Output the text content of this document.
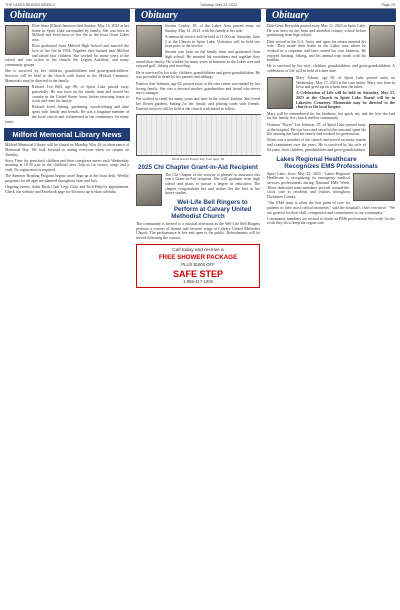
THE LAKES REGION WEEKLY	Tuesday, May 23, 2023	Page 23
Obituary

Elsie Anne (Elliot) Jameson died Sunday, May 14, 2023 at her home in Spirit Lake surrounded by family. She was born in Milford and lived most of her life in the Iowa Great Lakes area.

Elsie graduated from Milford High School and married the love of her life in 1954. Together they farmed near Milford and raised four children. She worked for many years at the school and was active in her church, the Legion Auxiliary, and many community groups.

She is survived by her children, grandchildren and great-grandchildren. Services will be held at the church with burial in the Milford Cemetery. Memorials may be directed to the family.

Richard Lee Bell, age 88, of Spirit Lake passed away peacefully. He was born on the family farm and served his country in the United States Army before returning home to work and raise his family.

Richard loved fishing, gardening, woodworking and time spent with family and friends. He was a longtime member of the local church and volunteered in the community for many years.

Milford Memorial Library News

Milford Memorial Library will be closed on Monday, May 29, in observance of Memorial Day. We look forward to seeing everyone when we reopen on Tuesday.

Story Time for preschool children and their caregivers meets each Wednesday morning at 10:30 a.m. in the children's area. Join us for stories, songs and a craft. No registration is required.

The Summer Reading Program begins soon! Sign up at the front desk. Weekly programs for all ages are planned throughout June and July.

Ongoing events: Adult Book Club, Lego Club, and Tech Help by appointment. Check our website and Facebook page for the most up-to-date calendar.

Obituary

Jerome Conley, 85, of the Lakes Area passed away on Sunday, May 14, 2023, with his family at his side.

A memorial service will be held at 11:00 a.m. Saturday, June 3 at the Church in Spirit Lake. Visitation will be held one hour prior to the service.

Jerome was born on the family farm and graduated from high school. He married his sweetheart and together they raised their family. He worked for many years in business in the Lakes area and enjoyed golf, fishing and traveling.

He is survived by his wife, children, grandchildren and great-grandchildren. He was preceded in death by his parents and siblings.

Patricia Ann Johnson, age 82, passed away at the care center surrounded by her loving family. She was a devoted mother, grandmother and friend who never met a stranger.

Pat worked in retail for many years and later in the school kitchen. She loved her flower gardens, baking for her family, and playing cards with friends. Funeral services will be held at the church with burial to follow.

Word Search Puzzle Key from page 1B
2025 Chi Chapter Grant-in-Aid Recipient

The Chi Chapter of the sorority is pleased to announce this year's Grant-in-Aid recipient. She will graduate from high school and plans to pursue a degree in education. The chapter congratulates her and wishes her the best in her future studies.

Wel-Life Bell Ringers to Perform at Calvary United Methodist Church

The community is invited to a musical afternoon as the Wel-Life Bell Ringers perform a concert of hymns and favorite songs at Calvary United Methodist Church. The performance is free and open to the public. Refreshments will be served following the concert.

Call today and receive a
FREE SHOWER PACKAGE
PLUS $1600 OFF
SAFE STEP
1-855-417-1306
Obituary

Dale Gene Reynolds passed away May 11, 2023 in Spirit Lake. He was born on the farm and attended country school before graduating from high school.

Dale served in the U.S. Army and upon his return married his wife. They made their home in the Lakes area where he worked as a carpenter and later owned his own business. He enjoyed hunting, fishing, and his annual trips north with his buddies.

He is survived by his wife, children, grandchildren, and great-grandchildren. A celebration of life will be held at a later date.

Mary Adams, age 90, of Spirit Lake passed away on Wednesday, May 17, 2023 at the care center. Mary was born in Iowa and grew up on a farm near the lakes.

A Celebration of Life will be held on Saturday, May 27, 2023 at the Church in Spirit Lake. Burial will be in Lakeview Cemetery. Memorials may be directed to the church or the local hospice.

Mary will be remembered for her kindness, her quick wit, and the love she had for her family, her church and her community.

Norman "Norm" Lee Johnson, 87, of Spirit Lake passed away at the hospital. He was born and raised in the area and spent his life farming the land his family had worked for generations.

Norm was a member of the church and served on many boards and committees over the years. He is survived by his wife of 64 years, their children, grandchildren and great-grandchildren.

Lakes Regional Healthcare Recognizes EMS Professionals

Spirit Lake, Iowa, May 22, 2023 - Lakes Regional Healthcare is recognizing its emergency medical services professionals during National EMS Week. These dedicated team members provide around-the-clock care to residents and visitors throughout Dickinson County.

"Our EMS team is often the first point of care for patients in their most critical moments," said the hospital's chief executive. "We are grateful for their skill, compassion and commitment to our community."

Community members are invited to thank an EMS professional this week for the work they do to keep the region safe.
